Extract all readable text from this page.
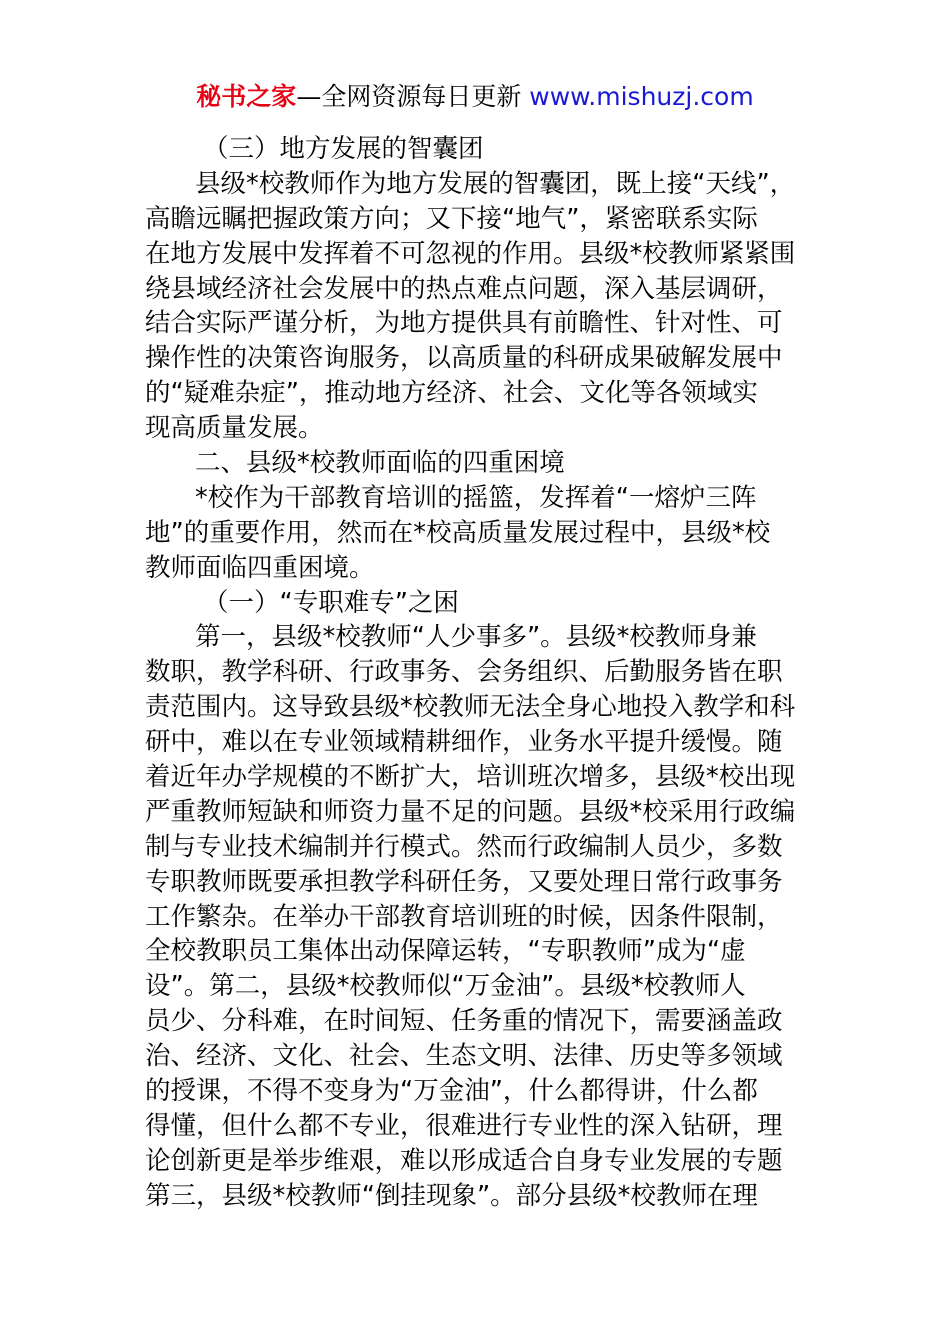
秘书之家—全网资源每日更新 www.mishuzj.com
（三）地方发展的智囊团
县级*校教师作为地方发展的智囊团，既上接“天线”，
高瞻远瞩把握政策方向；又下接“地气”，紧密联系实际
在地方发展中发挥着不可忽视的作用。县级*校教师紧紧围
绕县域经济社会发展中的热点难点问题，深入基层调研，
结合实际严谨分析，为地方提供具有前瞻性、针对性、可
操作性的决策咨询服务，以高质量的科研成果破解发展中
的“疑难杂症”，推动地方经济、社会、文化等各领域实
现高质量发展。
二、县级*校教师面临的四重困境
*校作为干部教育培训的摇篮，发挥着“一熔炉三阵
地”的重要作用，然而在*校高质量发展过程中，县级*校
教师面临四重困境。
（一）“专职难专”之困
第一，县级*校教师“人少事多”。县级*校教师身兼
数职，教学科研、行政事务、会务组织、后勤服务皆在职
责范围内。这导致县级*校教师无法全身心地投入教学和科
研中，难以在专业领域精耕细作，业务水平提升缓慢。随
着近年办学规模的不断扩大，培训班次增多，县级*校出现
严重教师短缺和师资力量不足的问题。县级*校采用行政编
制与专业技术编制并行模式。然而行政编制人员少，多数
专职教师既要承担教学科研任务，又要处理日常行政事务
工作繁杂。在举办干部教育培训班的时候，因条件限制，
全校教职员工集体出动保障运转，“专职教师”成为“虚
设”。第二，县级*校教师似“万金油”。县级*校教师人
员少、分科难，在时间短、任务重的情况下，需要涵盖政
治、经济、文化、社会、生态文明、法律、历史等多领域
的授课，不得不变身为“万金油”，什么都得讲，什么都
得懂，但什么都不专业，很难进行专业性的深入钻研，理
论创新更是举步维艰，难以形成适合自身专业发展的专题
第三，县级*校教师“倒挂现象”。部分县级*校教师在理
